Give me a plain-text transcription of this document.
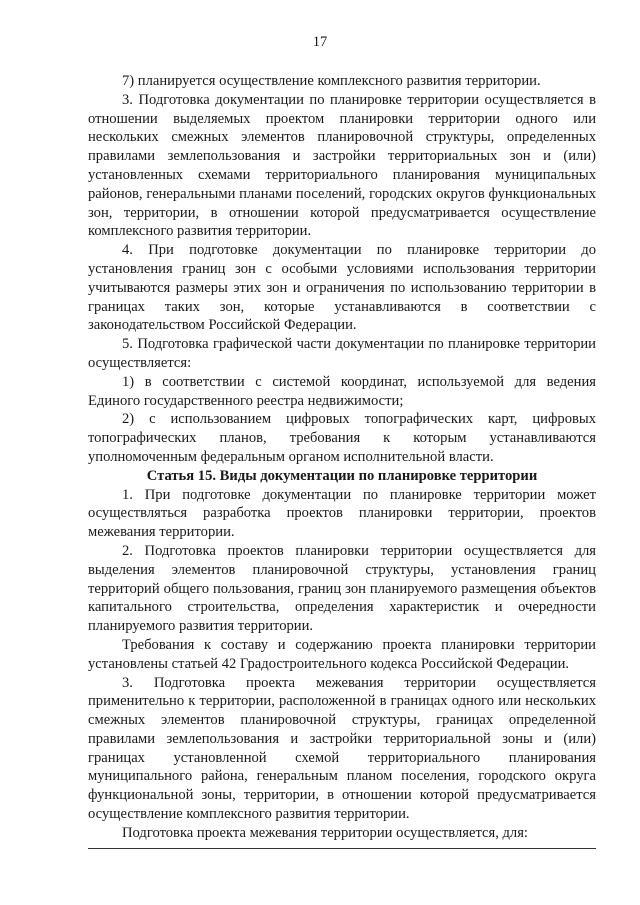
17

7) планируется осуществление комплексного развития территории.

3. Подготовка документации по планировке территории осуществляется в отношении выделяемых проектом планировки территории одного или нескольких смежных элементов планировочной структуры, определенных правилами землепользования и застройки территориальных зон и (или) установленных схемами территориального планирования муниципальных районов, генеральными планами поселений, городских округов функциональных зон, территории, в отношении которой предусматривается осуществление комплексного развития территории.

4. При подготовке документации по планировке территории до установления границ зон с особыми условиями использования территории учитываются размеры этих зон и ограничения по использованию территории в границах таких зон, которые устанавливаются в соответствии с законодательством Российской Федерации.

5. Подготовка графической части документации по планировке территории осуществляется:

1) в соответствии с системой координат, используемой для ведения Единого государственного реестра недвижимости;

2) с использованием цифровых топографических карт, цифровых топографических планов, требования к которым устанавливаются уполномоченным федеральным органом исполнительной власти.

Статья 15. Виды документации по планировке территории

1. При подготовке документации по планировке территории может осуществляться разработка проектов планировки территории, проектов межевания территории.

2. Подготовка проектов планировки территории осуществляется для выделения элементов планировочной структуры, установления границ территорий общего пользования, границ зон планируемого размещения объектов капитального строительства, определения характеристик и очередности планируемого развития территории.

Требования к составу и содержанию проекта планировки территории установлены статьей 42 Градостроительного кодекса Российской Федерации.

3. Подготовка проекта межевания территории осуществляется применительно к территории, расположенной в границах одного или нескольких смежных элементов планировочной структуры, границах определенной правилами землепользования и застройки территориальной зоны и (или) границах установленной схемой территориального планирования муниципального района, генеральным планом поселения, городского округа функциональной зоны, территории, в отношении которой предусматривается осуществление комплексного развития территории.

Подготовка проекта межевания территории осуществляется, для:
